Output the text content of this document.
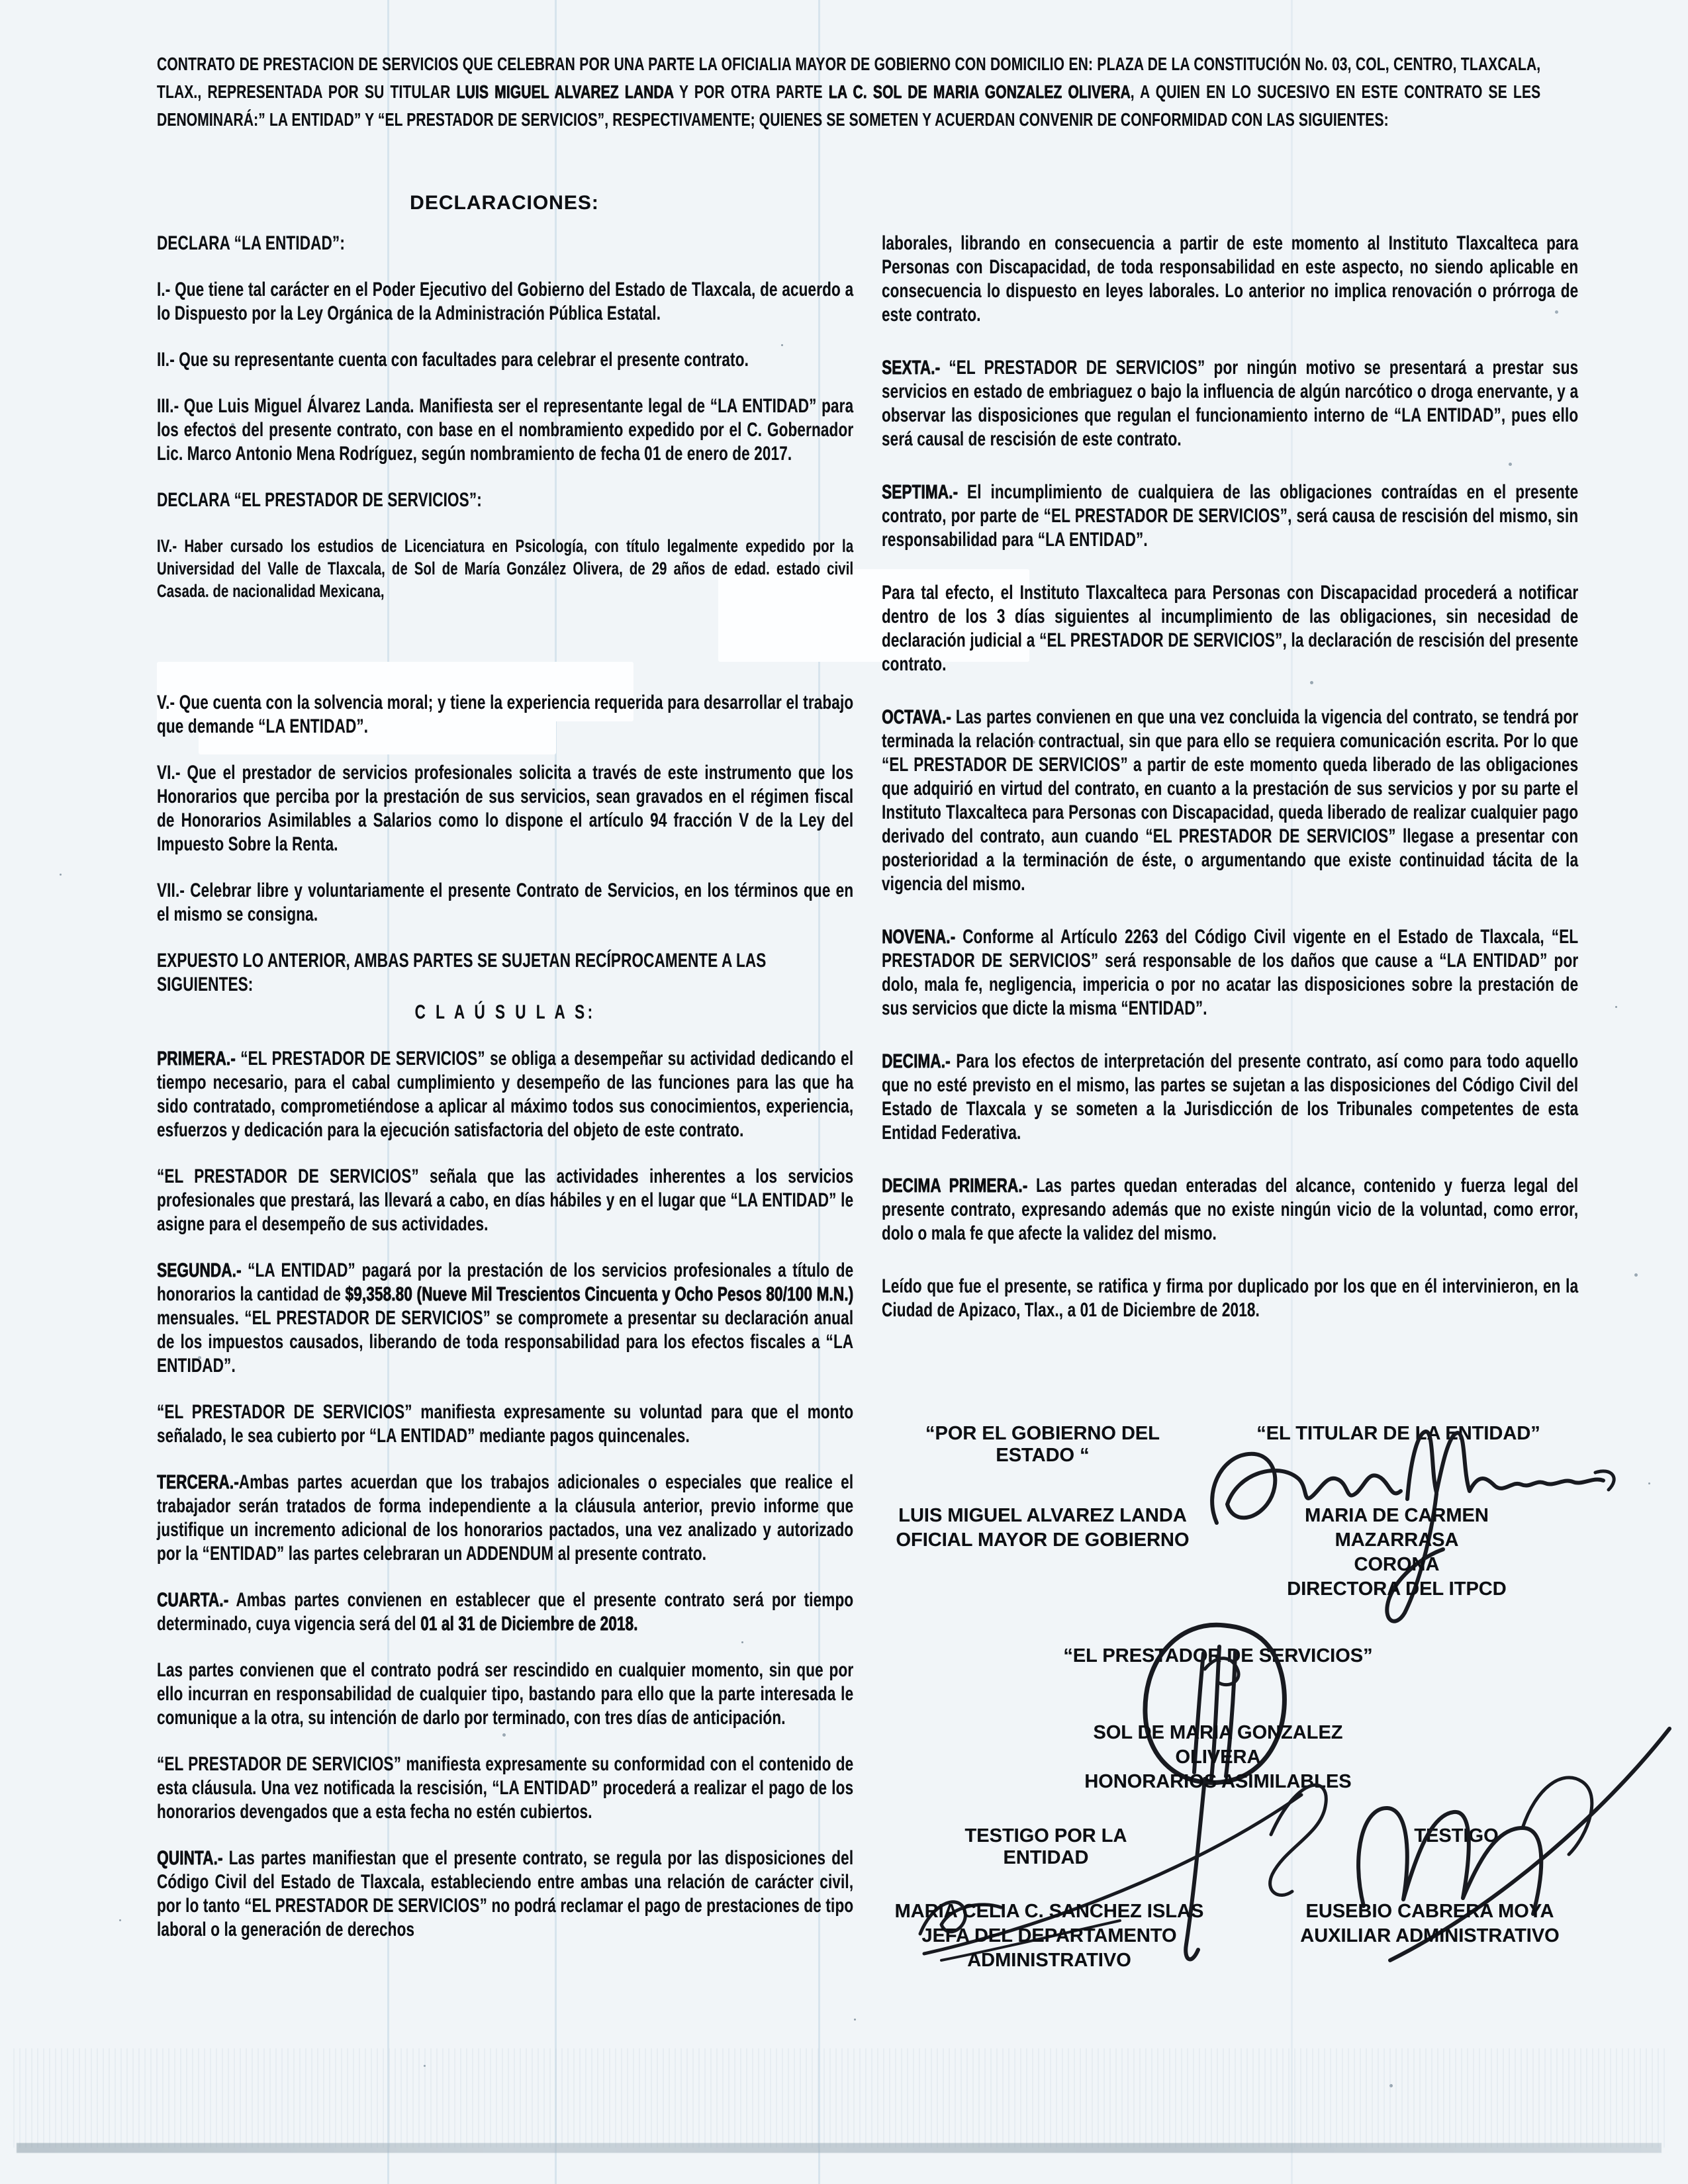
CONTRATO DE PRESTACION DE SERVICIOS QUE CELEBRAN POR UNA PARTE LA OFICIALIA MAYOR DE GOBIERNO CON DOMICILIO EN: PLAZA DE LA CONSTITUCIÓN No. 03, COL, CENTRO, TLAXCALA, TLAX., REPRESENTADA POR SU TITULAR LUIS MIGUEL ALVAREZ LANDA Y POR OTRA PARTE LA C. SOL DE MARIA GONZALEZ OLIVERA, A QUIEN EN LO SUCESIVO EN ESTE CONTRATO SE LES DENOMINARÁ:” LA ENTIDAD” Y “EL PRESTADOR DE SERVICIOS”, RESPECTIVAMENTE; QUIENES SE SOMETEN Y ACUERDAN CONVENIR DE CONFORMIDAD CON LAS SIGUIENTES:
DECLARACIONES:
DECLARA “LA ENTIDAD”:
I.- Que tiene tal carácter en el Poder Ejecutivo del Gobierno del Estado de Tlaxcala, de acuerdo a lo Dispuesto por la Ley Orgánica de la Administración Pública Estatal.
II.- Que su representante cuenta con facultades para celebrar el presente contrato.
III.- Que Luis Miguel Álvarez Landa. Manifiesta ser el representante legal de “LA ENTIDAD” para los efectos del presente contrato, con base en el nombramiento expedido por el C. Gobernador Lic. Marco Antonio Mena Rodríguez, según nombramiento de fecha 01 de enero de 2017.
DECLARA “EL PRESTADOR DE SERVICIOS”:
IV.- Haber cursado los estudios de Licenciatura en Psicología, con título legalmente expedido por la Universidad del Valle de Tlaxcala, de Sol de María González Olivera, de 29 años de edad. estado civil Casada. de nacionalidad Mexicana,
V.- Que cuenta con la solvencia moral; y tiene la experiencia requerida para desarrollar el trabajo que demande “LA ENTIDAD”.
VI.- Que el prestador de servicios profesionales solicita a través de este instrumento que los Honorarios que perciba por la prestación de sus servicios, sean gravados en el régimen fiscal de Honorarios Asimilables a Salarios como lo dispone el artículo 94 fracción V de la Ley del Impuesto Sobre la Renta.
VII.- Celebrar libre y voluntariamente el presente Contrato de Servicios, en los términos que en el mismo se consigna.
EXPUESTO LO ANTERIOR, AMBAS PARTES SE SUJETAN RECÍPROCAMENTE A LAS SIGUIENTES:
C L A Ú S U L A S:
PRIMERA.- “EL PRESTADOR DE SERVICIOS” se obliga a desempeñar su actividad dedicando el tiempo necesario, para el cabal cumplimiento y desempeño de las funciones para las que ha sido contratado, comprometiéndose a aplicar al máximo todos sus conocimientos, experiencia, esfuerzos y dedicación para la ejecución satisfactoria del objeto de este contrato.
“EL PRESTADOR DE SERVICIOS” señala que las actividades inherentes a los servicios profesionales que prestará, las llevará a cabo, en días hábiles y en el lugar que “LA ENTIDAD” le asigne para el desempeño de sus actividades.
SEGUNDA.- “LA ENTIDAD” pagará por la prestación de los servicios profesionales a título de honorarios la cantidad de $9,358.80 (Nueve Mil Trescientos Cincuenta y Ocho Pesos 80/100 M.N.) mensuales. “EL PRESTADOR DE SERVICIOS” se compromete a presentar su declaración anual de los impuestos causados, liberando de toda responsabilidad para los efectos fiscales a “LA ENTIDAD”.
“EL PRESTADOR DE SERVICIOS” manifiesta expresamente su voluntad para que el monto señalado, le sea cubierto por “LA ENTIDAD” mediante pagos quincenales.
TERCERA.-Ambas partes acuerdan que los trabajos adicionales o especiales que realice el trabajador serán tratados de forma independiente a la cláusula anterior, previo informe que justifique un incremento adicional de los honorarios pactados, una vez analizado y autorizado por la “ENTIDAD” las partes celebraran un ADDENDUM al presente contrato.
CUARTA.- Ambas partes convienen en establecer que el presente contrato será por tiempo determinado, cuya vigencia será del 01 al 31 de Diciembre de 2018.
Las partes convienen que el contrato podrá ser rescindido en cualquier momento, sin que por ello incurran en responsabilidad de cualquier tipo, bastando para ello que la parte interesada le comunique a la otra, su intención de darlo por terminado, con tres días de anticipación.
“EL PRESTADOR DE SERVICIOS” manifiesta expresamente su conformidad con el contenido de esta cláusula. Una vez notificada la rescisión, “LA ENTIDAD” procederá a realizar el pago de los honorarios devengados que a esta fecha no estén cubiertos.
QUINTA.- Las partes manifiestan que el presente contrato, se regula por las disposiciones del Código Civil del Estado de Tlaxcala, estableciendo entre ambas una relación de carácter civil, por lo tanto “EL PRESTADOR DE SERVICIOS” no podrá reclamar el pago de prestaciones de tipo laboral o la generación de derechos
laborales, librando en consecuencia a partir de este momento al Instituto Tlaxcalteca para Personas con Discapacidad, de toda responsabilidad en este aspecto, no siendo aplicable en consecuencia lo dispuesto en leyes laborales. Lo anterior no implica renovación o prórroga de este contrato.
SEXTA.- “EL PRESTADOR DE SERVICIOS” por ningún motivo se presentará a prestar sus servicios en estado de embriaguez o bajo la influencia de algún narcótico o droga enervante, y a observar las disposiciones que regulan el funcionamiento interno de “LA ENTIDAD”, pues ello será causal de rescisión de este contrato.
SEPTIMA.- El incumplimiento de cualquiera de las obligaciones contraídas en el presente contrato, por parte de “EL PRESTADOR DE SERVICIOS”, será causa de rescisión del mismo, sin responsabilidad para “LA ENTIDAD”.
Para tal efecto, el Instituto Tlaxcalteca para Personas con Discapacidad procederá a notificar dentro de los 3 días siguientes al incumplimiento de las obligaciones, sin necesidad de declaración judicial a “EL PRESTADOR DE SERVICIOS”, la declaración de rescisión del presente contrato.
OCTAVA.- Las partes convienen en que una vez concluida la vigencia del contrato, se tendrá por terminada la relación contractual, sin que para ello se requiera comunicación escrita. Por lo que “EL PRESTADOR DE SERVICIOS” a partir de este momento queda liberado de las obligaciones que adquirió en virtud del contrato, en cuanto a la prestación de sus servicios y por su parte el Instituto Tlaxcalteca para Personas con Discapacidad, queda liberado de realizar cualquier pago derivado del contrato, aun cuando “EL PRESTADOR DE SERVICIOS” llegase a presentar con posterioridad a la terminación de éste, o argumentando que existe continuidad tácita de la vigencia del mismo.
NOVENA.- Conforme al Artículo 2263 del Código Civil vigente en el Estado de Tlaxcala, “EL PRESTADOR DE SERVICIOS” será responsable de los daños que cause a “LA ENTIDAD” por dolo, mala fe, negligencia, impericia o por no acatar las disposiciones sobre la prestación de sus servicios que dicte la misma “ENTIDAD”.
DECIMA.- Para los efectos de interpretación del presente contrato, así como para todo aquello que no esté previsto en el mismo, las partes se sujetan a las disposiciones del Código Civil del Estado de Tlaxcala y se someten a la Jurisdicción de los Tribunales competentes de esta Entidad Federativa.
DECIMA PRIMERA.- Las partes quedan enteradas del alcance, contenido y fuerza legal del presente contrato, expresando además que no existe ningún vicio de la voluntad, como error, dolo o mala fe que afecte la validez del mismo.
Leído que fue el presente, se ratifica y firma por duplicado por los que en él intervinieron, en la Ciudad de Apizaco, Tlax., a 01 de Diciembre de 2018.
“POR EL GOBIERNO DEL ESTADO “
“EL TITULAR DE LA ENTIDAD”
LUIS MIGUEL ALVAREZ LANDA
OFICIAL MAYOR DE GOBIERNO
MARIA DE CARMEN MAZARRASA
CORONA
DIRECTORA DEL ITPCD
“EL PRESTADOR DE SERVICIOS”
SOL DE MARIA GONZALEZ OLIVERA
HONORARIOS ASIMILABLES
TESTIGO POR LA ENTIDAD
TESTIGO
MARIA CELIA C. SANCHEZ ISLAS
JEFA DEL DEPARTAMENTO
ADMINISTRATIVO
EUSEBIO CABRERA MOYA
AUXILIAR ADMINISTRATIVO
